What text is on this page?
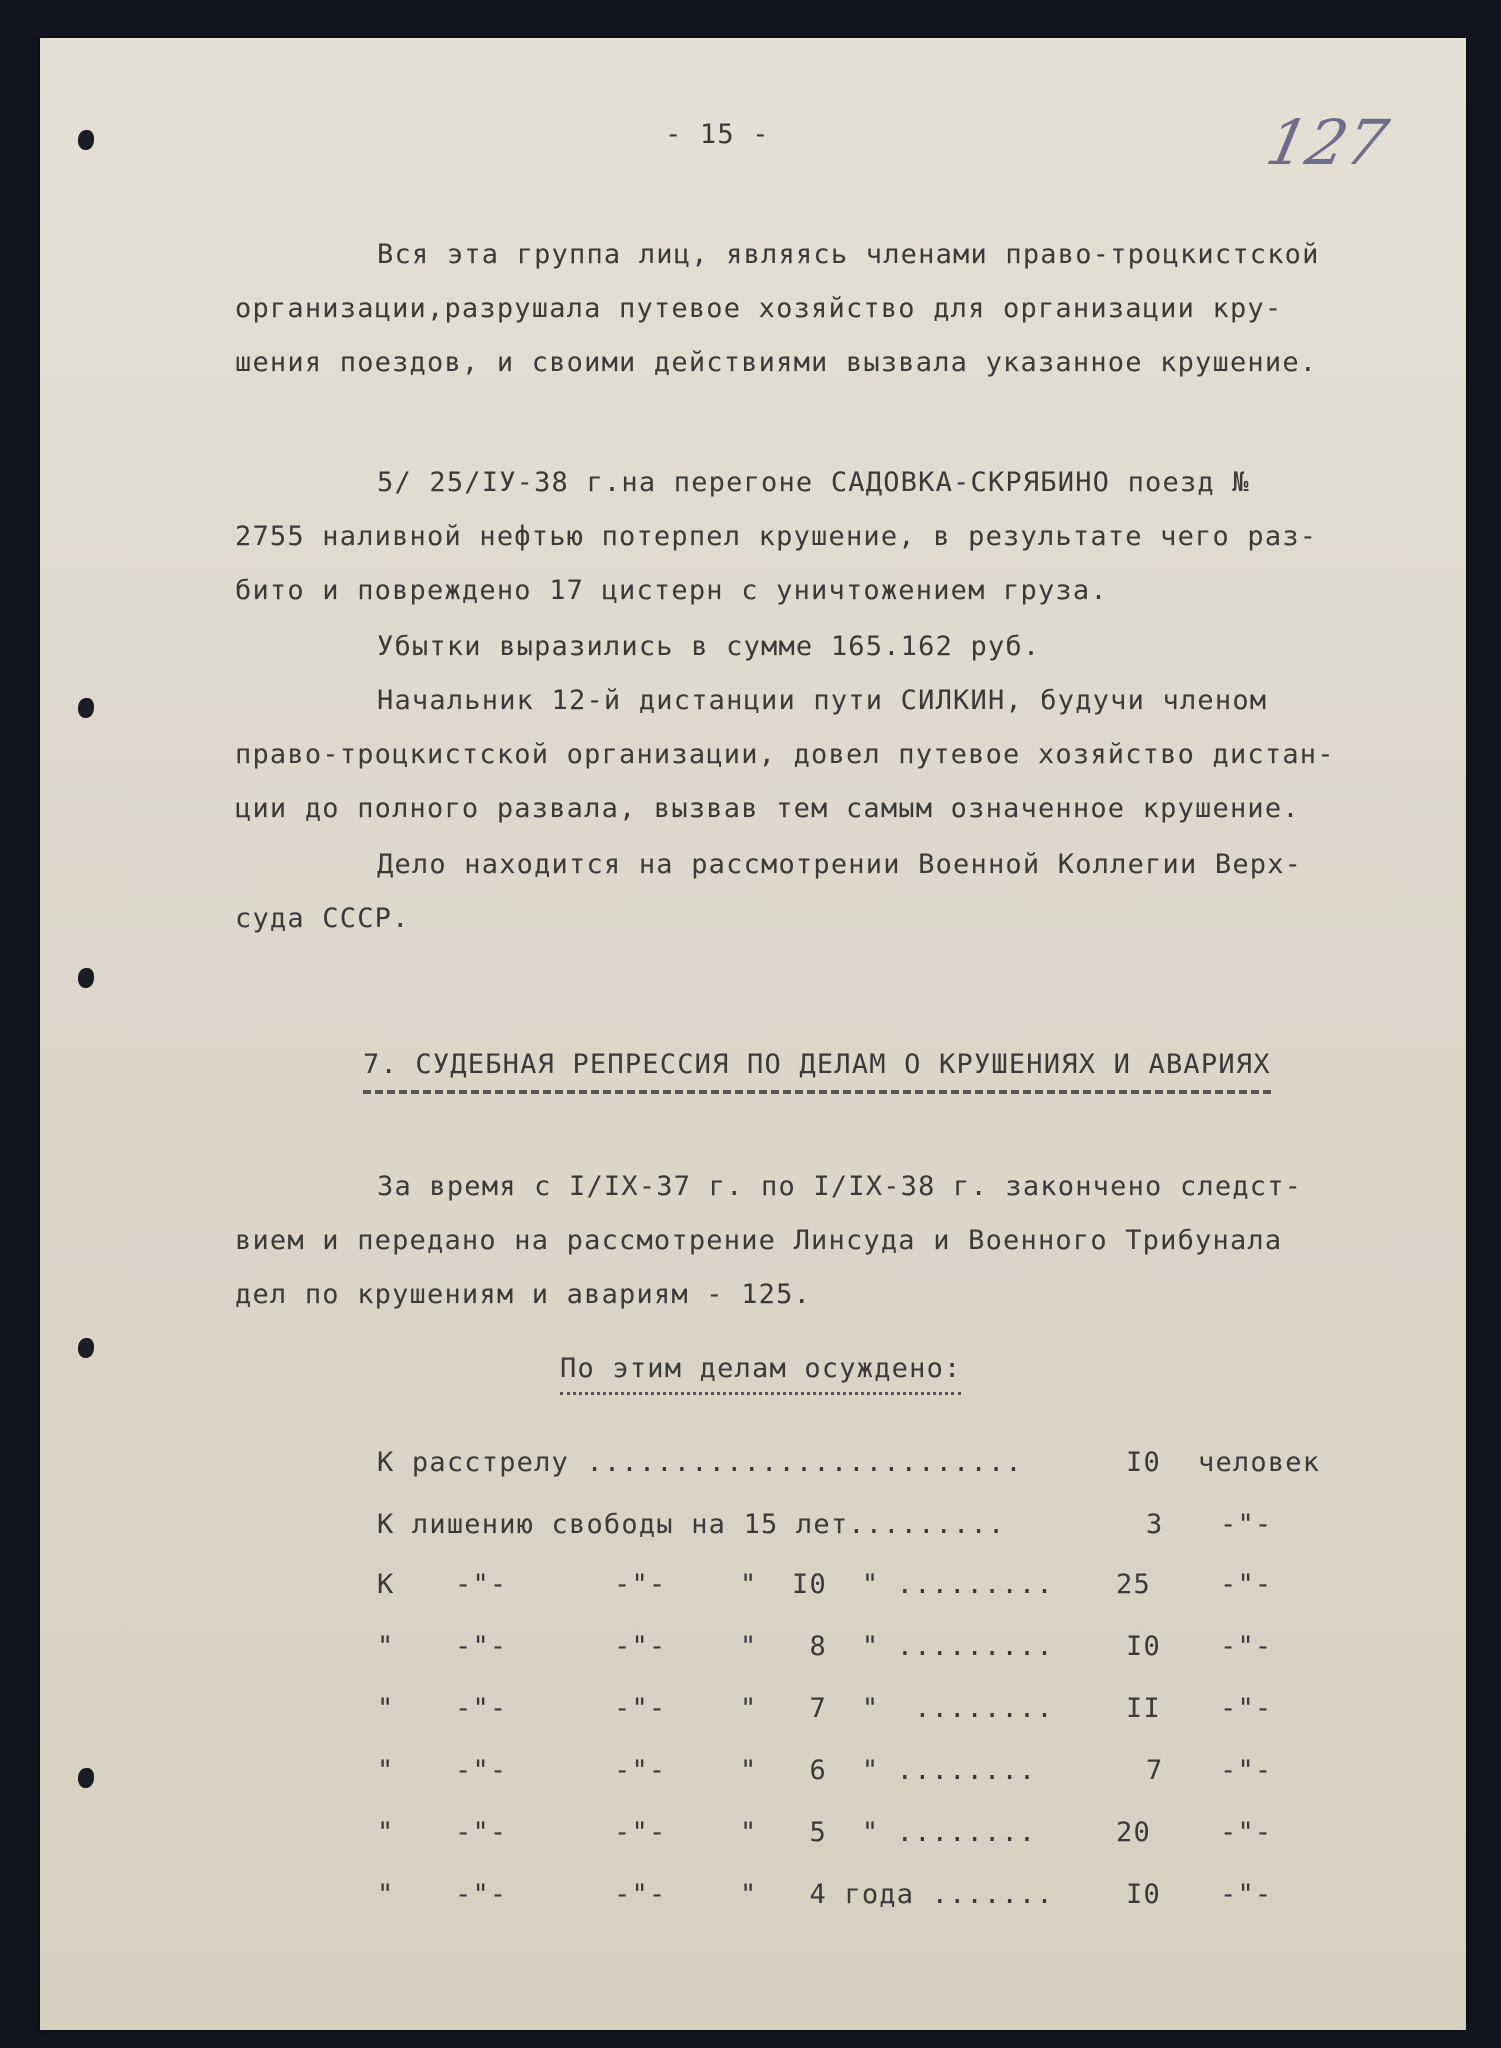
- 15 -	127
Вся эта группа лиц, являясь членами право-троцкистской
организации,разрушала путевое хозяйство для организации кру-
шения поездов, и своими действиями вызвала указанное крушение.
5/ 25/IУ-38 г.на перегоне САДОВКА-СКРЯБИНО поезд №
2755 наливной нефтью потерпел крушение, в результате чего раз-
бито и повреждено 17 цистерн с уничтожением груза.
Убытки выразились в сумме 165.162 руб.
Начальник 12-й дистанции пути СИЛКИН, будучи членом
право-троцкистской организации, довел путевое хозяйство дистан-
ции до полного развала, вызвав тем самым означенное крушение.
Дело находится на рассмотрении Военной Коллегии Верх-
суда СССР.
7. СУДЕБНАЯ РЕПРЕССИЯ ПО ДЕЛАМ О КРУШЕНИЯХ И АВАРИЯХ
За время с I/IX-37 г. по I/IX-38 г. закончено следст-
вием и передано на рассмотрение Линсуда и Военного Трибунала
дел по крушениям и авариям - 125.
По этим делам осуждено:
К расстрелу .........................	I0 человек
К лишению свободы на 15 лет.........	3 -"-
К -"-	-"-	" I0  " ......... 25	-"-
" -"-	-"-	" 8  " .........	I0 -"-
" -"-	-"-	" 7  "  ........	II -"-
" -"-	-"-	" 6  " ........	7 -"-
" -"-	-"-	" 5  " ........	20	-"-
" -"-	-"-	" 4 года .......	I0 -"-
